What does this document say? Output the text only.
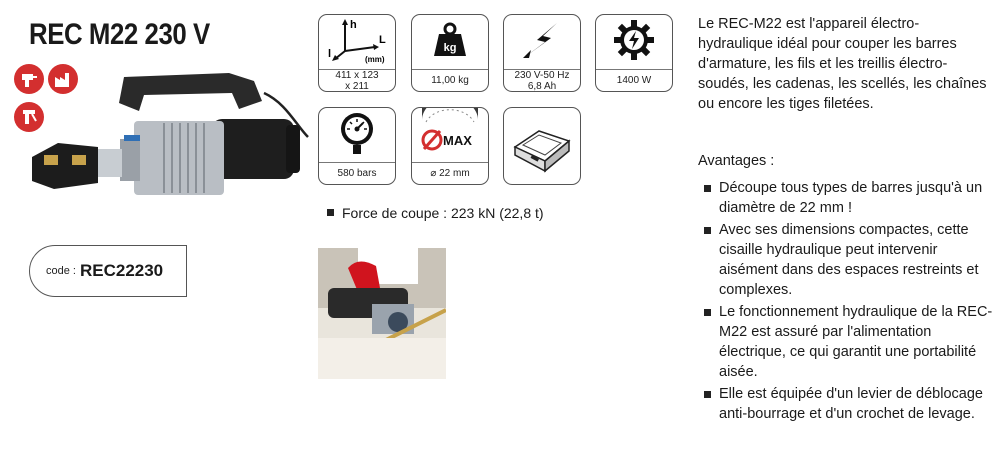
REC M22 230 V
code : REC22230
h
l
L
(mm)
411 x 123
x 211
kg
11,00 kg	230 V-50 Hz
6,8 Ah	1400 W
580 bars
MAX
⌀ 22 mm
Force de coupe : 223 kN (22,8 t)

Le REC-M22 est l'appareil électro-hydraulique idéal pour couper les barres d'armature, les fils et les treillis électro-soudés, les cadenas, les scellés, les chaînes ou encore les tiges filetées.

Avantages :
Découpe tous types de barres jusqu'à un diamètre de 22 mm !
Avec ses dimensions compactes, cette cisaille hydraulique peut intervenir aisément dans des espaces restreints et complexes.
Le fonctionnement hydraulique de la REC-M22 est assuré par l'alimentation électrique, ce qui garantit une portabilité aisée.
Elle est équipée d'un levier de déblocage anti-bourrage et d'un crochet de levage.
